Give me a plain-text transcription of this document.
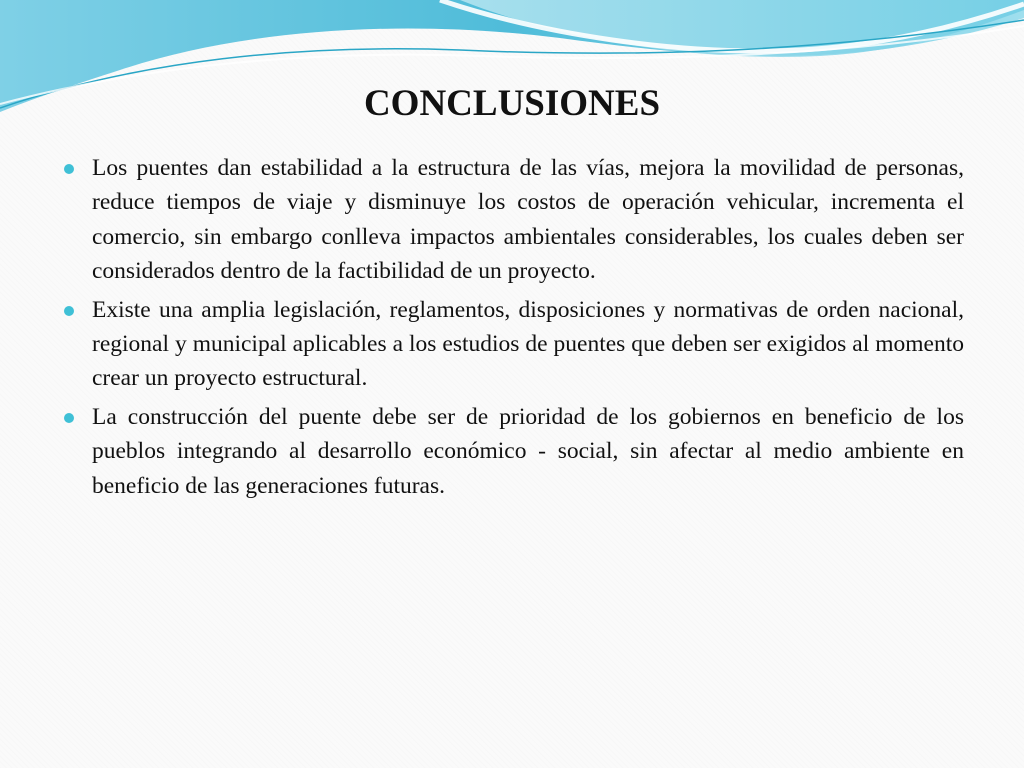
CONCLUSIONES
Los puentes dan estabilidad a la estructura de las vías, mejora la movilidad de personas, reduce tiempos de viaje y disminuye los costos de operación vehicular, incrementa el comercio, sin embargo conlleva impactos ambientales considerables, los cuales deben ser considerados dentro de la factibilidad de un proyecto.
Existe una amplia legislación, reglamentos, disposiciones y normativas de orden nacional, regional y municipal aplicables a los estudios de puentes que deben ser exigidos al momento crear un proyecto estructural.
La construcción del puente debe ser de prioridad de los gobiernos en beneficio de los pueblos integrando al desarrollo económico - social, sin afectar al medio ambiente en beneficio de las generaciones futuras.
